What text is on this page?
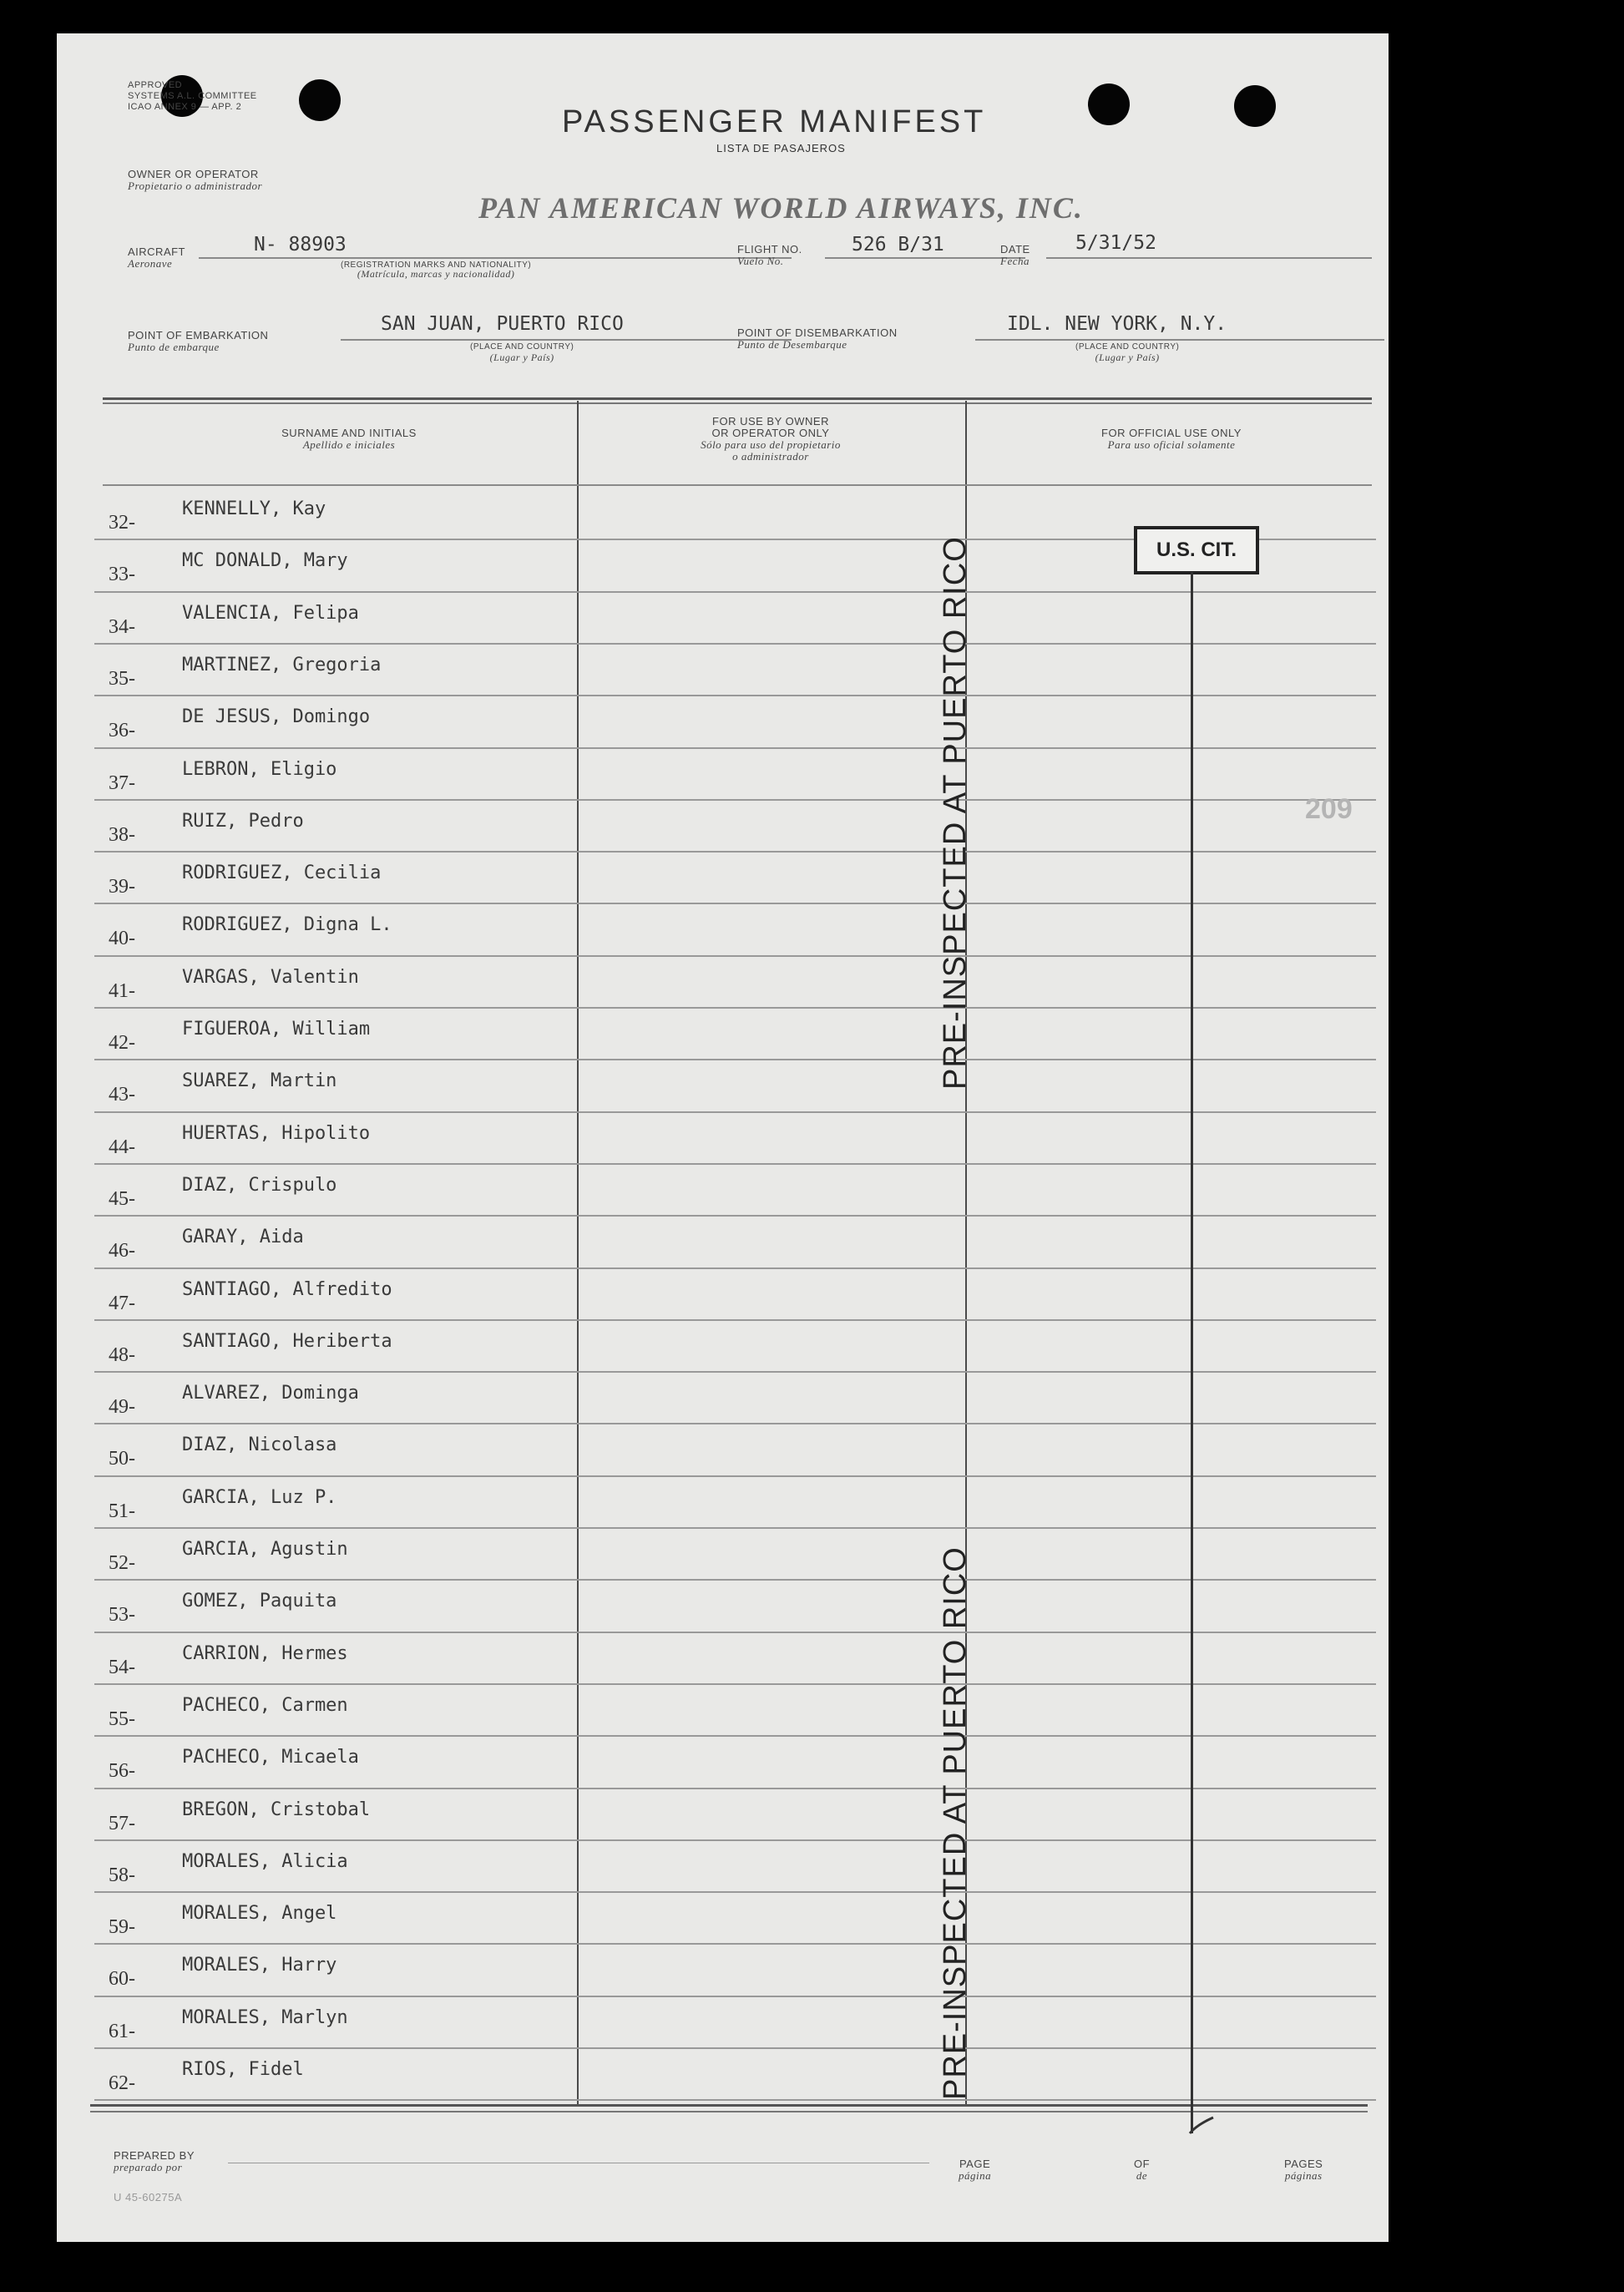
APPROVED
SYSTEMS A.L. COMMITTEE
ICAO ANNEX 9 — APP. 2	PASSENGER MANIFEST
LISTA DE PASAJEROS
OWNER OR OPERATOR
Propietario o administrador
PAN AMERICAN WORLD AIRWAYS, INC.
AIRCRAFT
Aeronave
N- 88903
(REGISTRATION MARKS AND NATIONALITY)
(Matrícula, marcas y nacionalidad)
FLIGHT NO.
Vuelo No.
526 B/31	DATE
Fecha
5/31/52
POINT OF EMBARKATION
Punto de embarque
SAN JUAN, PUERTO RICO
(PLACE AND COUNTRY)
(Lugar y País)
POINT OF DISEMBARKATION
Punto de Desembarque
IDL. NEW YORK, N.Y.
(PLACE AND COUNTRY)
(Lugar y País)
SURNAME AND INITIALS
Apellido e iniciales
FOR USE BY OWNER
OR OPERATOR ONLY
Sólo para uso del propietario
o administrador
FOR OFFICIAL USE ONLY
Para uso oficial solamente
32-
KENNELLY, Kay
33-
MC DONALD, Mary
34-
VALENCIA, Felipa
35-
MARTINEZ, Gregoria
36-
DE JESUS, Domingo
37-
LEBRON, Eligio
38-
RUIZ, Pedro
39-
RODRIGUEZ, Cecilia
40-
RODRIGUEZ, Digna L.
41-
VARGAS, Valentin
42-
FIGUEROA, William
43-
SUAREZ, Martin
44-
HUERTAS, Hipolito
45-
DIAZ, Crispulo
46-
GARAY, Aida
47-
SANTIAGO, Alfredito
48-
SANTIAGO, Heriberta
49-
ALVAREZ, Dominga
50-
DIAZ, Nicolasa
51-
GARCIA, Luz P.
52-
GARCIA, Agustin
53-
GOMEZ, Paquita
54-
CARRION, Hermes
55-
PACHECO, Carmen
56-
PACHECO, Micaela
57-
BREGON, Cristobal
58-
MORALES, Alicia
59-
MORALES, Angel
60-
MORALES, Harry
61-
MORALES, Marlyn
62-
RIOS, Fidel
PRE-INSPECTED AT PUERTO RICO
PRE-INSPECTED AT PUERTO RICO
U.S. CIT.
209
PREPARED BY
preparado por	PAGE
página
OF
de
PAGES
páginas
U 45-60275A
